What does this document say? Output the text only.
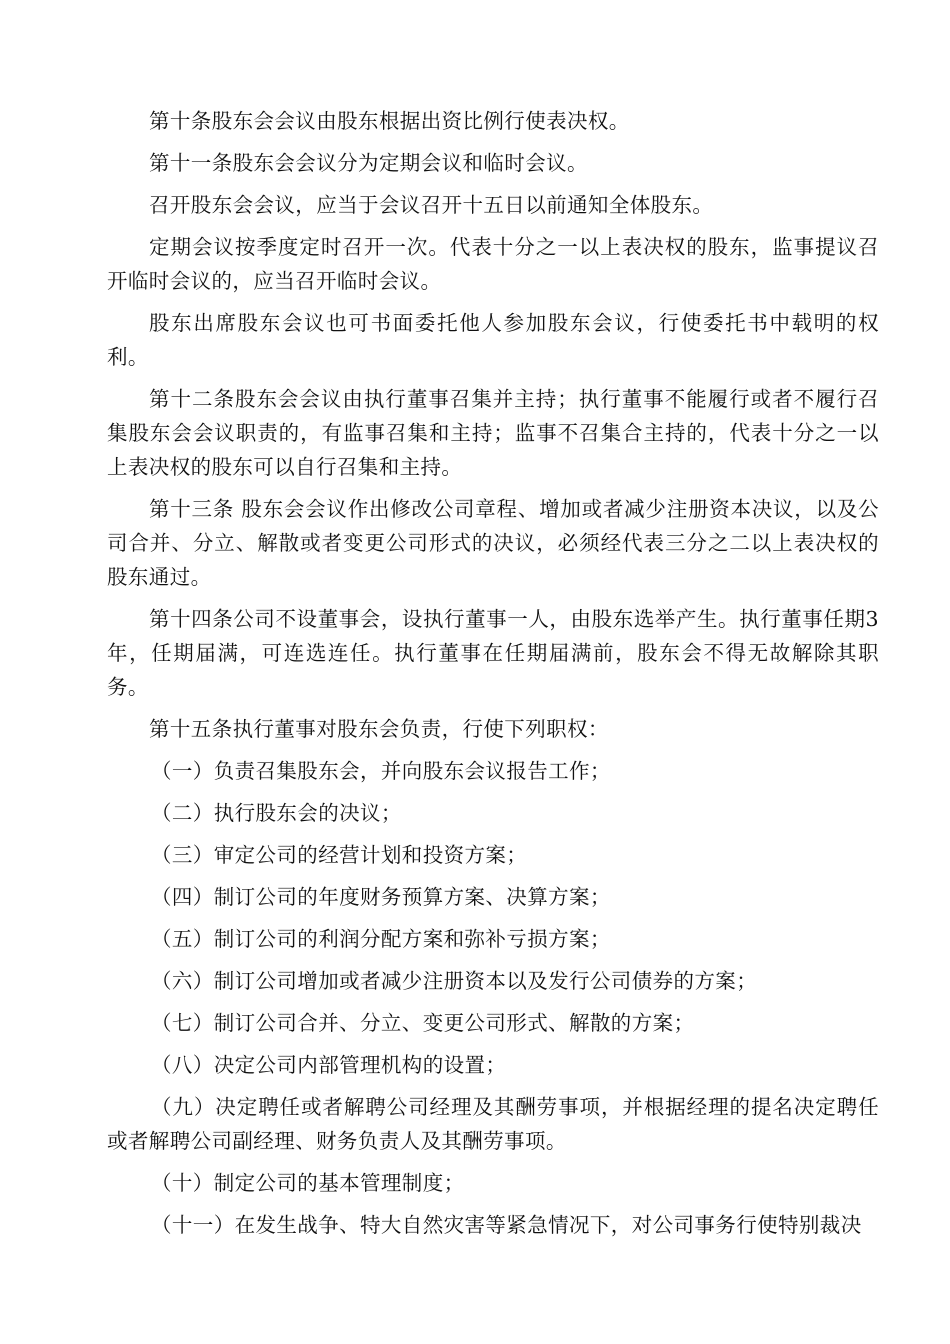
第十条股东会会议由股东根据出资比例行使表决权。

第十一条股东会会议分为定期会议和临时会议。

召开股东会会议，应当于会议召开十五日以前通知全体股东。

定期会议按季度定时召开一次。代表十分之一以上表决权的股东，监事提议召开临时会议的，应当召开临时会议。

股东出席股东会议也可书面委托他人参加股东会议，行使委托书中载明的权利。

第十二条股东会会议由执行董事召集并主持；执行董事不能履行或者不履行召集股东会会议职责的，有监事召集和主持；监事不召集合主持的，代表十分之一以上表决权的股东可以自行召集和主持。

第十三条 股东会会议作出修改公司章程、增加或者减少注册资本决议，以及公司合并、分立、解散或者变更公司形式的决议，必须经代表三分之二以上表决权的股东通过。

第十四条公司不设董事会，设执行董事一人，由股东选举产生。执行董事任期3年，任期届满，可连选连任。执行董事在任期届满前，股东会不得无故解除其职务。

第十五条执行董事对股东会负责，行使下列职权：

（一）负责召集股东会，并向股东会议报告工作；

（二）执行股东会的决议；

（三）审定公司的经营计划和投资方案；

（四）制订公司的年度财务预算方案、决算方案；

（五）制订公司的利润分配方案和弥补亏损方案；

（六）制订公司增加或者减少注册资本以及发行公司债券的方案；

（七）制订公司合并、分立、变更公司形式、解散的方案；

（八）决定公司内部管理机构的设置；

（九）决定聘任或者解聘公司经理及其酬劳事项，并根据经理的提名决定聘任或者解聘公司副经理、财务负责人及其酬劳事项。

（十）制定公司的基本管理制度；

（十一）在发生战争、特大自然灾害等紧急情况下，对公司事务行使特别裁决
